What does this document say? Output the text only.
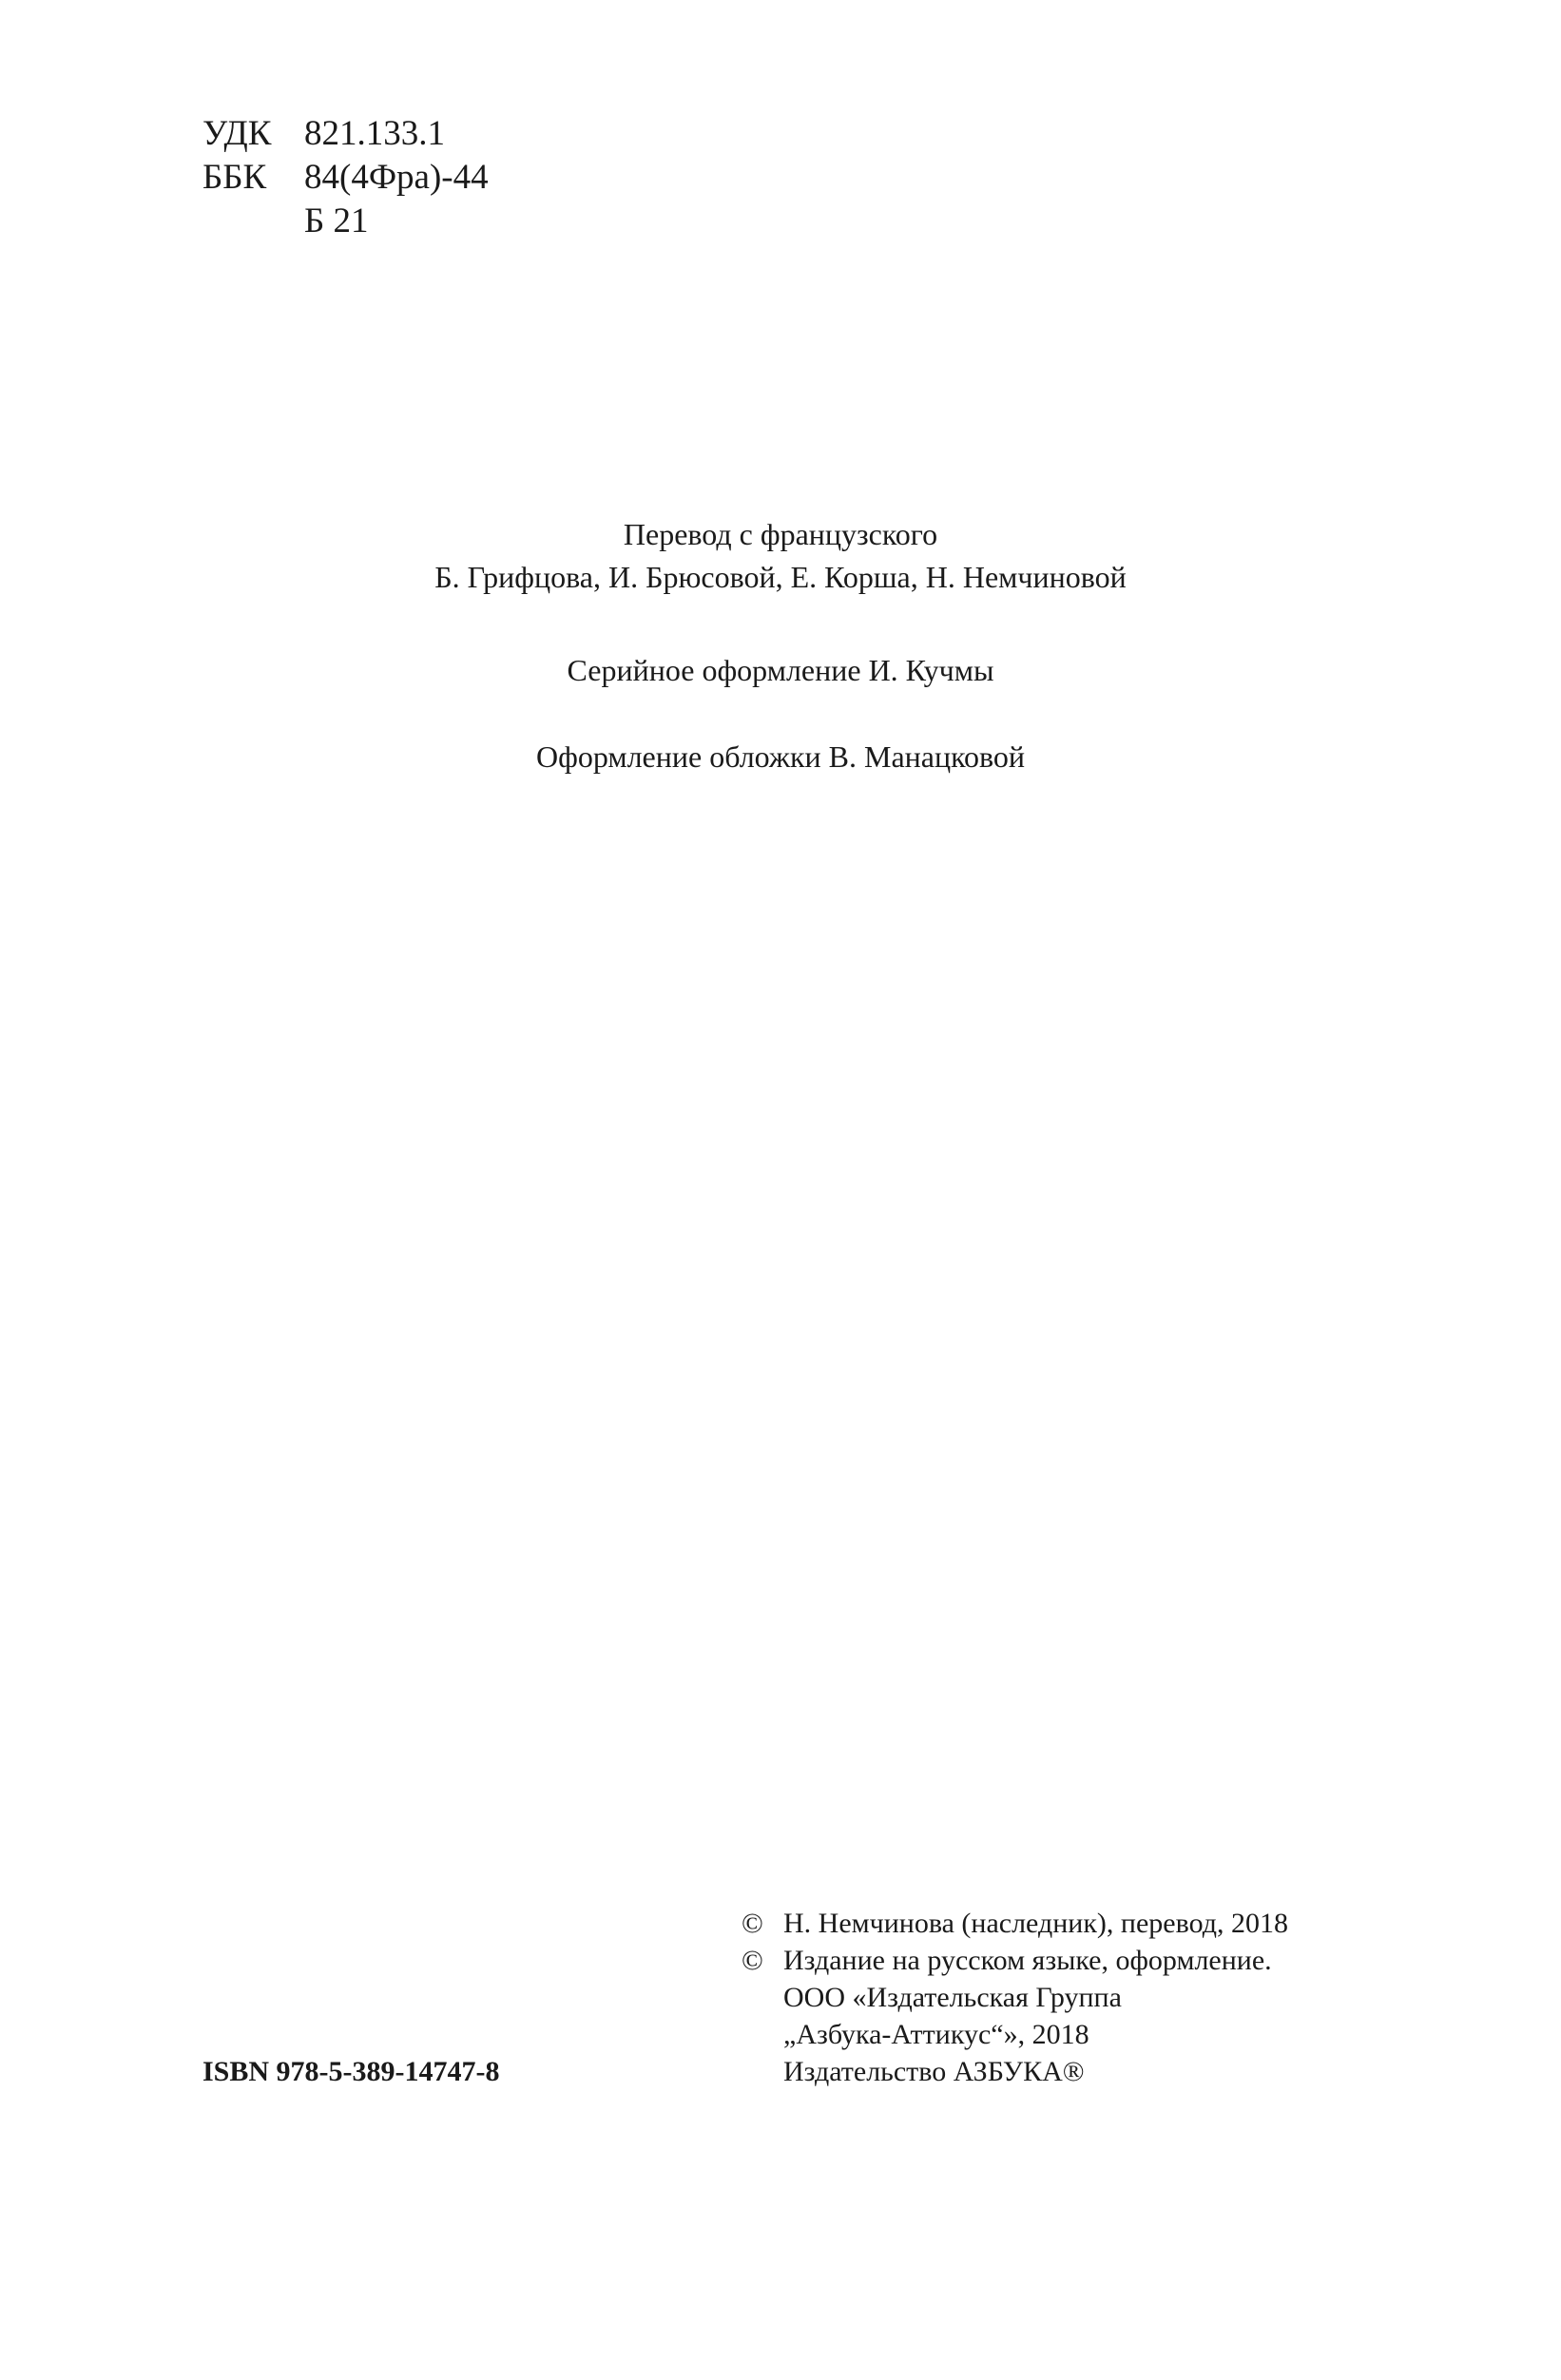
УДК 821.133.1
ББК	84(4Фра)-44
Б 21
Перевод с французского
Б. Грифцова, И. Брюсовой, Е. Корша, Н. Немчиновой
Серийное оформление И. Кучмы
Оформление обложки В. Манацковой
ISBN 978-5-389-14747-8
© Н. Немчинова (наследник), перевод, 2018
© Издание на русском языке, оформление.
ООО «Издательская Группа
„Азбука-Аттикус“», 2018
Издательство АЗБУКА®
